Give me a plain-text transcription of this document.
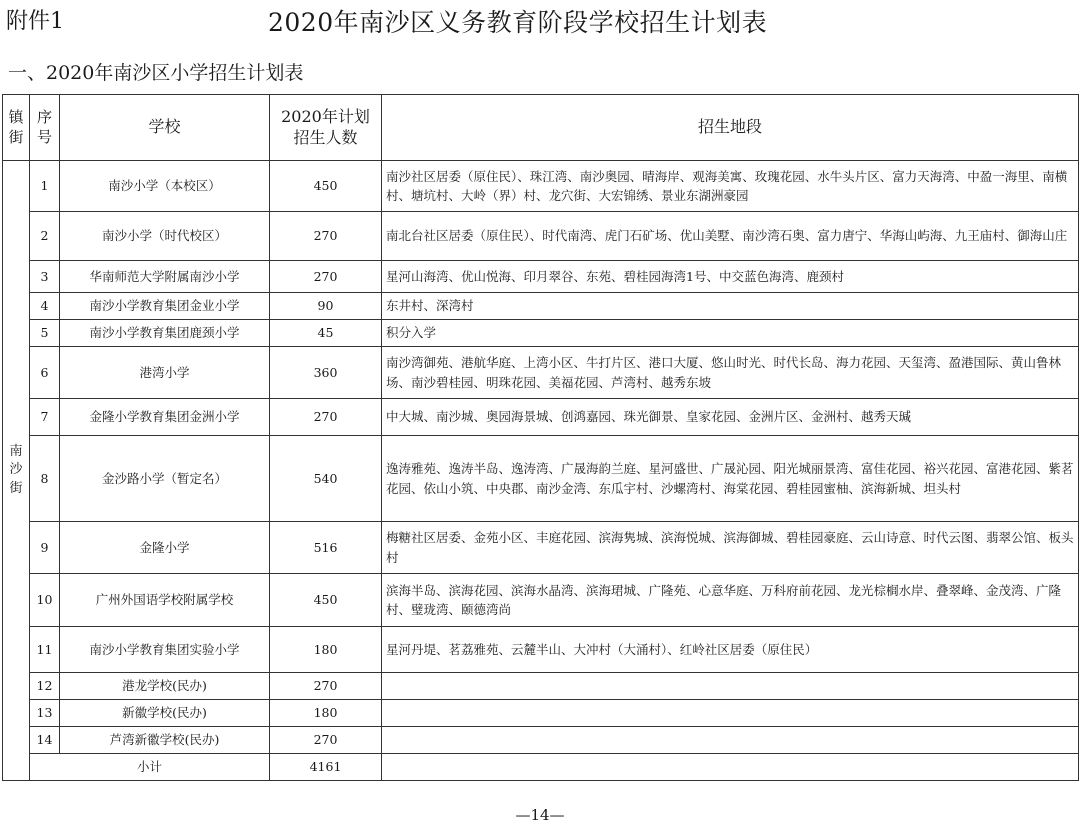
附件1	2020年南沙区义务教育阶段学校招生计划表
一、2020年南沙区小学招生计划表
镇街	序号	学校	2020年计划
招生人数	招生地段

南沙街	1	南沙小学（本校区）	450	南沙社区居委（原住民）、珠江湾、南沙奥园、晴海岸、观海美寓、玫瑰花园、水牛头片区、富力天海湾、中盈一海里、南横村、塘坑村、大岭（界）村、龙穴街、大宏锦绣、景业东湖洲豪园
	2	南沙小学（时代校区）	270	南北台社区居委（原住民）、时代南湾、虎门石矿场、优山美墅、南沙湾石奥、富力唐宁、华海山屿海、九王庙村、御海山庄
	3	华南师范大学附属南沙小学	270	星河山海湾、优山悦海、印月翠谷、东苑、碧桂园海湾1号、中交蓝色海湾、鹿颈村
	4	南沙小学教育集团金业小学	90	东井村、深湾村
	5	南沙小学教育集团鹿颈小学	45	积分入学
	6	港湾小学	360	南沙湾御苑、港航华庭、上湾小区、牛打片区、港口大厦、悠山时光、时代长岛、海力花园、天玺湾、盈港国际、黄山鲁林场、南沙碧桂园、明珠花园、美福花园、芦湾村、越秀东坡
	7	金隆小学教育集团金洲小学	270	中大城、南沙城、奥园海景城、创鸿嘉园、珠光御景、皇家花园、金洲片区、金洲村、越秀天瑊
	8	金沙路小学（暂定名）	540	逸涛雅苑、逸涛半岛、逸涛湾、广晟海韵兰庭、星河盛世、广晟沁园、阳光城丽景湾、富佳花园、裕兴花园、富港花园、紫茗花园、依山小筑、中央郡、南沙金湾、东瓜宇村、沙螺湾村、海棠花园、碧桂园蜜柚、滨海新城、坦头村
	9	金隆小学	516	梅糖社区居委、金苑小区、丰庭花园、滨海隽城、滨海悦城、滨海御城、碧桂园豪庭、云山诗意、时代云图、翡翠公馆、板头村
	10	广州外国语学校附属学校	450	滨海半岛、滨海花园、滨海水晶湾、滨海珺城、广隆苑、心意华庭、万科府前花园、龙光棕榈水岸、叠翠峰、金茂湾、广隆村、璧珑湾、颐德湾尚
	11	南沙小学教育集团实验小学	180	星河丹堤、茗荔雅苑、云麓半山、大冲村（大涌村）、红岭社区居委（原住民）
	12	港龙学校(民办)	270	
	13	新徽学校(民办)	180	
	14	芦湾新徽学校(民办)	270	
	小计		4161	
—14—
